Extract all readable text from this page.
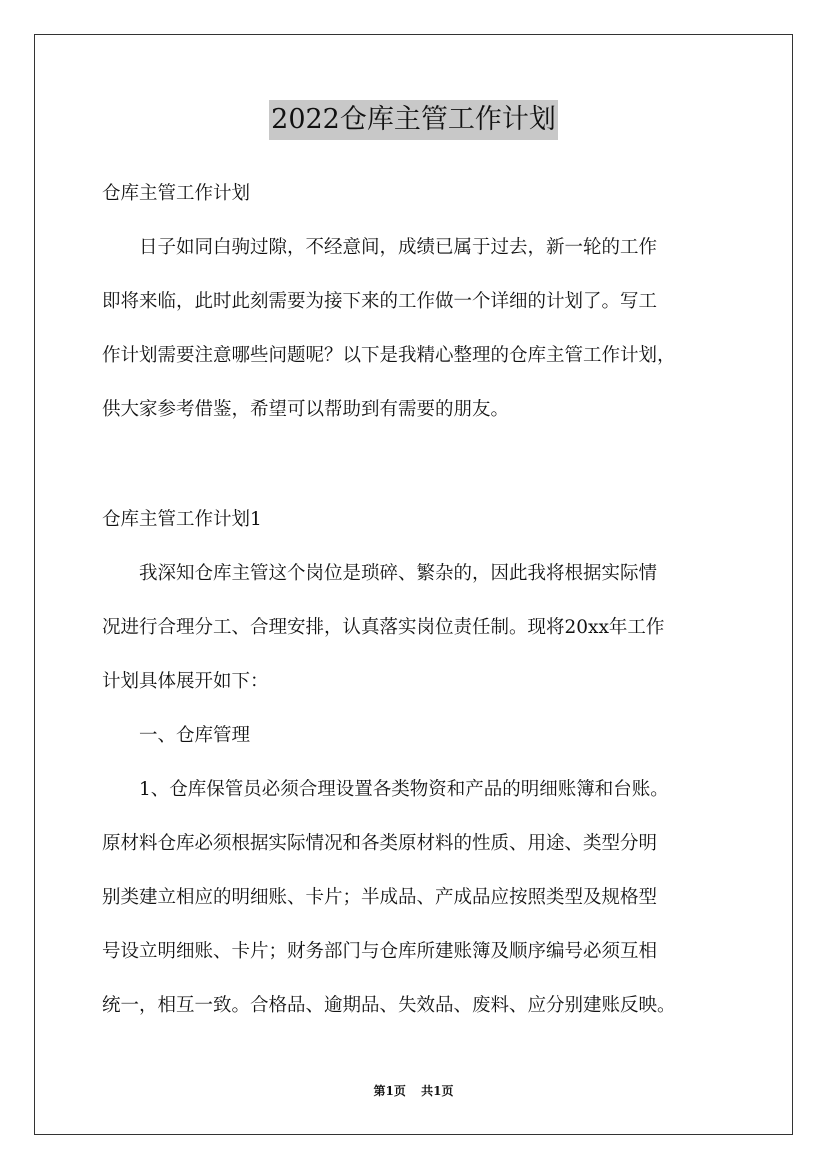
2022仓库主管工作计划
仓库主管工作计划
　　日子如同白驹过隙，不经意间，成绩已属于过去，新一轮的工作
即将来临，此时此刻需要为接下来的工作做一个详细的计划了。写工
作计划需要注意哪些问题呢？以下是我精心整理的仓库主管工作计划，
供大家参考借鉴，希望可以帮助到有需要的朋友。
仓库主管工作计划1
　　我深知仓库主管这个岗位是琐碎、繁杂的，因此我将根据实际情
况进行合理分工、合理安排，认真落实岗位责任制。现将20xx年工作
计划具体展开如下：
　　一、仓库管理
　　1、仓库保管员必须合理设置各类物资和产品的明细账簿和台账。
原材料仓库必须根据实际情况和各类原材料的性质、用途、类型分明
别类建立相应的明细账、卡片；半成品、产成品应按照类型及规格型
号设立明细账、卡片；财务部门与仓库所建账簿及顺序编号必须互相
统一，相互一致。合格品、逾期品、失效品、废料、应分别建账反映。
第1页 共1页
